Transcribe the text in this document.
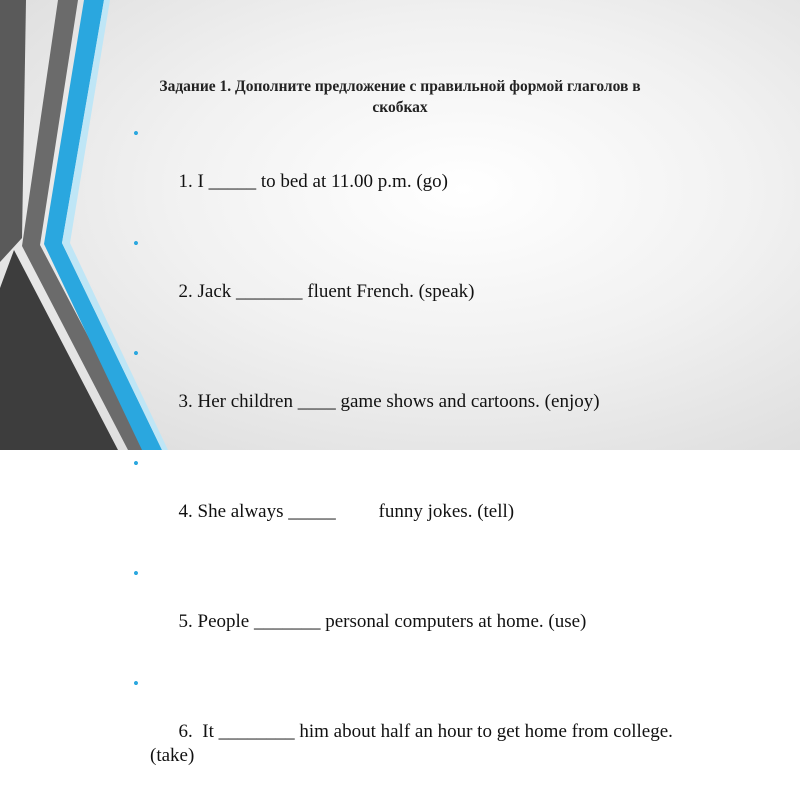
Задание 1. Дополните предложение с правильной формой глаголов в скобках

•

1. I _____ to bed at 11.00 p.m. (go)

•

2. Jack _______ fluent French. (speak)

•

3. Her children ____ game shows and cartoons. (enjoy)

•

4. She always _____         funny jokes. (tell)

•

5. People _______ personal computers at home. (use)

•

6.  It ________ him about half an hour to get home from college. (take)
